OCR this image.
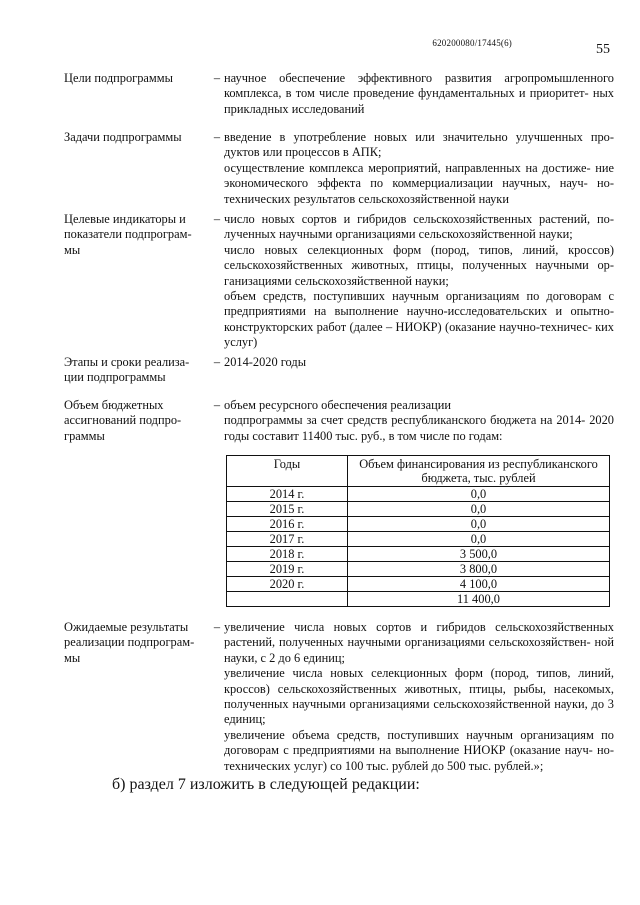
620200080/17445(6)	55
Цели подпрограммы	– научное обеспечение эффективного развития агропромышленного комплекса, в том числе проведение фундаментальных и приоритет- ных прикладных исследований

Задачи подпрограммы	– введение в употребление новых или значительно улучшенных про- дуктов или процессов в АПК;

осуществление комплекса мероприятий, направленных на достиже- ние экономического эффекта по коммерциализации научных, науч- но-технических результатов сельскохозяйственной науки

Целевые индикаторы и
показатели подпрограм-
мы
– число новых сортов и гибридов сельскохозяйственных растений, по- лученных научными организациями сельскохозяйственной науки;

число новых селекционных форм (пород, типов, линий, кроссов) сельскохозяйственных животных, птицы, полученных научными ор- ганизациями сельскохозяйственной науки;

объем средств, поступивших научным организациям по договорам с предприятиями на выполнение научно-исследовательских и опытно- конструкторских работ (далее – НИОКР) (оказание научно-техничес- ких услуг)

Этапы и сроки реализа-
ции подпрограммы
– 2014-2020 годы

Объем бюджетных
ассигнований подпро-
граммы
– объем ресурсного обеспечения реализации

подпрограммы за счет средств республиканского бюджета на 2014- 2020 годы составит 11400 тыс. руб., в том числе по годам:

Годы	Объем финансирования из республиканского бюджета, тыс. рублей
2014 г.	0,0
2015 г.	0,0
2016 г.	0,0
2017 г.	0,0
2018 г.	3 500,0
2019 г.	3 800,0
2020 г.	4 100,0
	11 400,0
Ожидаемые результаты
реализации подпрограм-
мы
– увеличение числа новых сортов и гибридов сельскохозяйственных растений, полученных научными организациями сельскохозяйствен- ной науки, с 2 до 6 единиц;

увеличение числа новых селекционных форм (пород, типов, линий, кроссов) сельскохозяйственных животных, птицы, рыбы, насекомых, полученных научными организациями сельскохозяйственной науки, до 3 единиц;

увеличение объема средств, поступивших научным организациям по договорам с предприятиями на выполнение НИОКР (оказание науч- но-технических услуг) со 100 тыс. рублей до 500 тыс. рублей.»;

б) раздел 7 изложить в следующей редакции:
